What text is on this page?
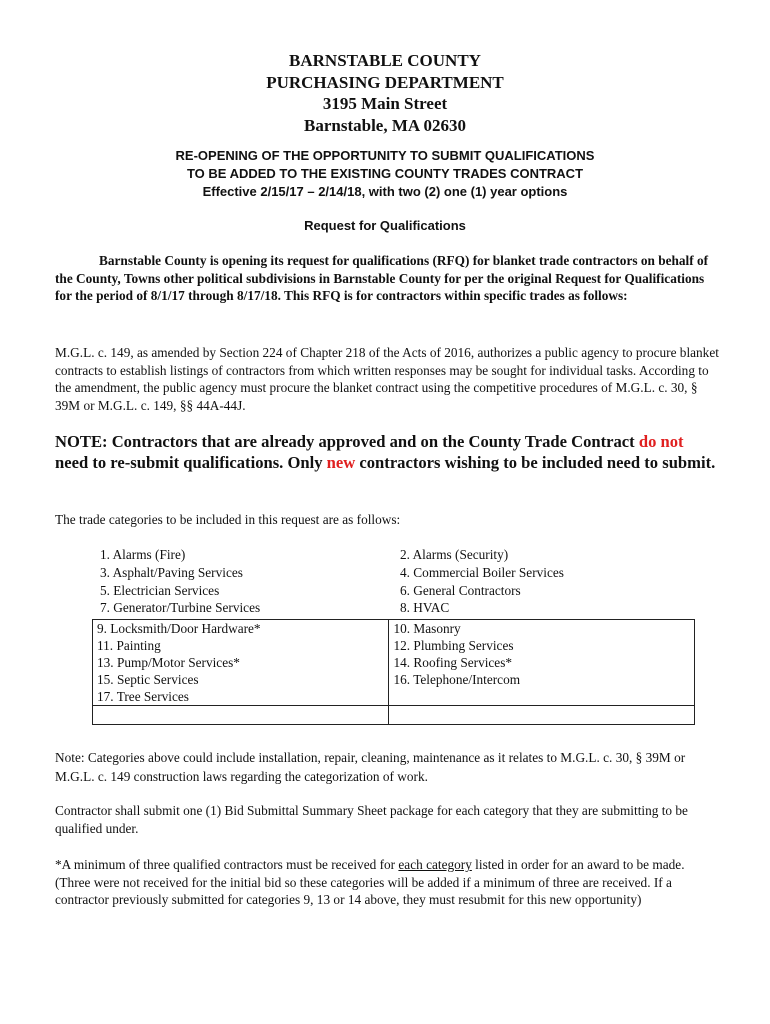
BARNSTABLE COUNTY
PURCHASING DEPARTMENT
3195 Main Street
Barnstable, MA 02630
RE-OPENING OF THE OPPORTUNITY TO SUBMIT QUALIFICATIONS
TO BE ADDED TO THE EXISTING COUNTY TRADES CONTRACT
Effective 2/15/17 – 2/14/18, with two (2) one (1) year options
Request for Qualifications
Barnstable County is opening its request for qualifications (RFQ) for blanket trade contractors on behalf of the County, Towns other political subdivisions in Barnstable County for per the original Request for Qualifications for the period of 8/1/17 through 8/17/18. This RFQ is for contractors within specific trades as follows:
M.G.L. c. 149, as amended by Section 224 of Chapter 218 of the Acts of 2016, authorizes a public agency to procure blanket contracts to establish listings of contractors from which written responses may be sought for individual tasks. According to the amendment, the public agency must procure the blanket contract using the competitive procedures of M.G.L. c. 30, § 39M or M.G.L. c. 149, §§ 44A-44J.
NOTE: Contractors that are already approved and on the County Trade Contract do not need to re-submit qualifications. Only new contractors wishing to be included need to submit.
The trade categories to be included in this request are as follows:
1. Alarms (Fire)	2. Alarms (Security)
3. Asphalt/Paving Services	4. Commercial Boiler Services
5. Electrician Services	6. General Contractors
7. Generator/Turbine Services	8. HVAC
9. Locksmith/Door Hardware*	10. Masonry
11. Painting	12. Plumbing Services
13. Pump/Motor Services*	14. Roofing Services*
15. Septic Services	16. Telephone/Intercom
17. Tree Services	

Note: Categories above could include installation, repair, cleaning, maintenance as it relates to M.G.L. c. 30, § 39M or M.G.L. c. 149 construction laws regarding the categorization of work.
Contractor shall submit one (1) Bid Submittal Summary Sheet package for each category that they are submitting to be qualified under.
*A minimum of three qualified contractors must be received for each category listed in order for an award to be made. (Three were not received for the initial bid so these categories will be added if a minimum of three are received. If a contractor previously submitted for categories 9, 13 or 14 above, they must resubmit for this new opportunity)
